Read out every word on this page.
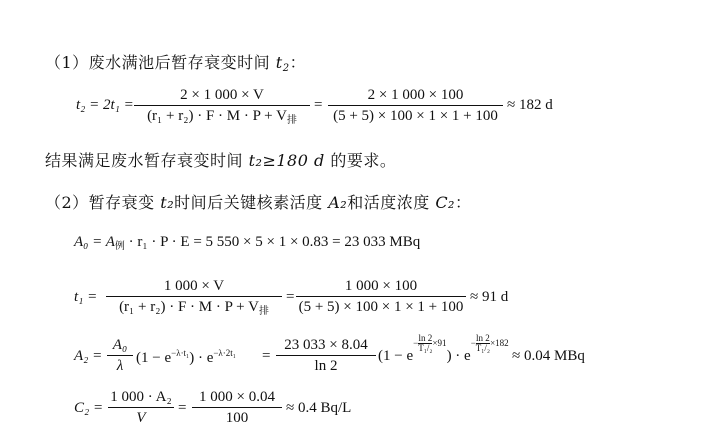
（1）废水满池后暂存衰变时间 $t_2$：
t₂ = 2t₁ =
2 × 1 000 × V
$(r_1 + r_2) \cdot F \cdot M \cdot P + V_排$
=
2 × 1 000 × 100
(5 + 5) × 100 × 1 × 1 + 100
≈ 182 d
结果满足废水暂存衰变时间 t₂≥180 d 的要求。
（2）暂存衰变 t₂时间后关键核素活度 A₂和活度浓度 C₂：
$A_0 = A_例 \cdot r_1 \cdot P \cdot E = 5$ 550 × 5 × 1 × 0.83 = 23 033 MBq
t₁ =
1 000 × V
$(r_1 + r_2) \cdot F \cdot M \cdot P + V_排$
=
1 000 × 100
(5 + 5) × 100 × 1 × 1 + 100
≈ 91 d
A₂ =
A₀
λ $(1 - e^{-\lambda\cdot t_1}) \cdot e^{-\lambda\cdot 2t_1}$ =
23 033 × 8.04
ln 2
$(1 - e^{-\frac{\ln 2}{\text{T₁/₂}} \times 91}) \cdot e^{-\frac{\ln 2}{\text{T₁/₂}} \times 182}$
≈ 0.04 MBq
C₂ =
1 000 · A₂
V
=
1 000 × 0.04
100
≈ 0.4 Bq/L
